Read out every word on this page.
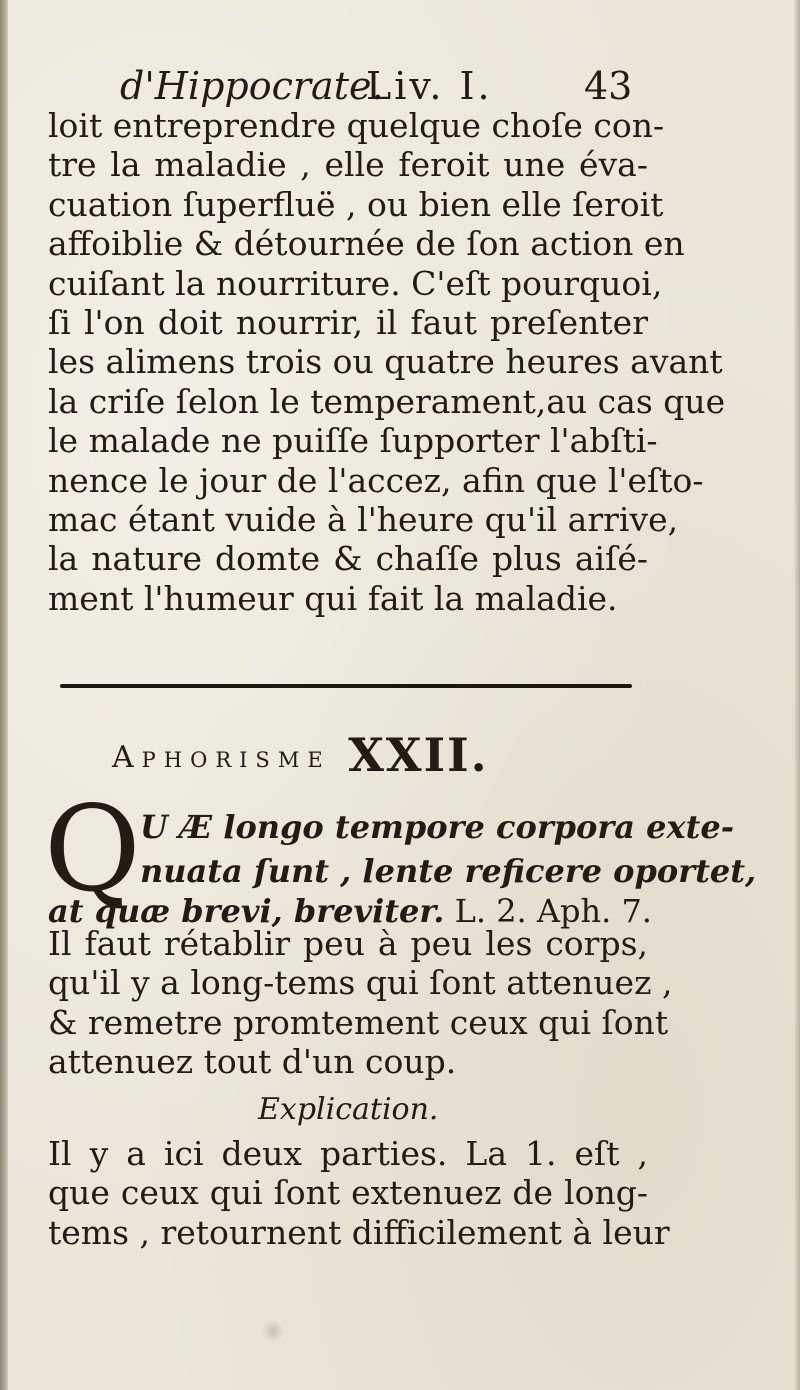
d'Hippocrate.
Liv. I. 43
loit entreprendre quelque choſe con-
tre la maladie , elle feroit une éva-
cuation ſuperfluë , ou bien elle ſeroit
affoiblie & détournée de ſon action en
cuiſant la nourriture. C'eſt pourquoi,
ſi l'on doit nourrir, il faut preſenter
les alimens trois ou quatre heures avant
la criſe ſelon le temperament,au cas que
le malade ne puiſſe ſupporter l'abſti-
nence le jour de l'accez, afin que l'eſto-
mac étant vuide à l'heure qu'il arrive,
la nature domte & chaſſe plus aiſé-
ment l'humeur qui fait la maladie.
Aphorisme XXII.
Q U Æ longo tempore corpora exte-
nuata ſunt , lente reficere oportet,
at quæ brevi, breviter. L. 2. Aph. 7.
Il faut rétablir peu à peu les corps,
qu'il y a long-tems qui ſont attenuez ,
& remetre promtement ceux qui ſont
attenuez tout d'un coup.
Explication.
Il y a ici deux parties. La 1. eſt ,
que ceux qui ſont extenuez de long-
tems , retournent difficilement à leur
